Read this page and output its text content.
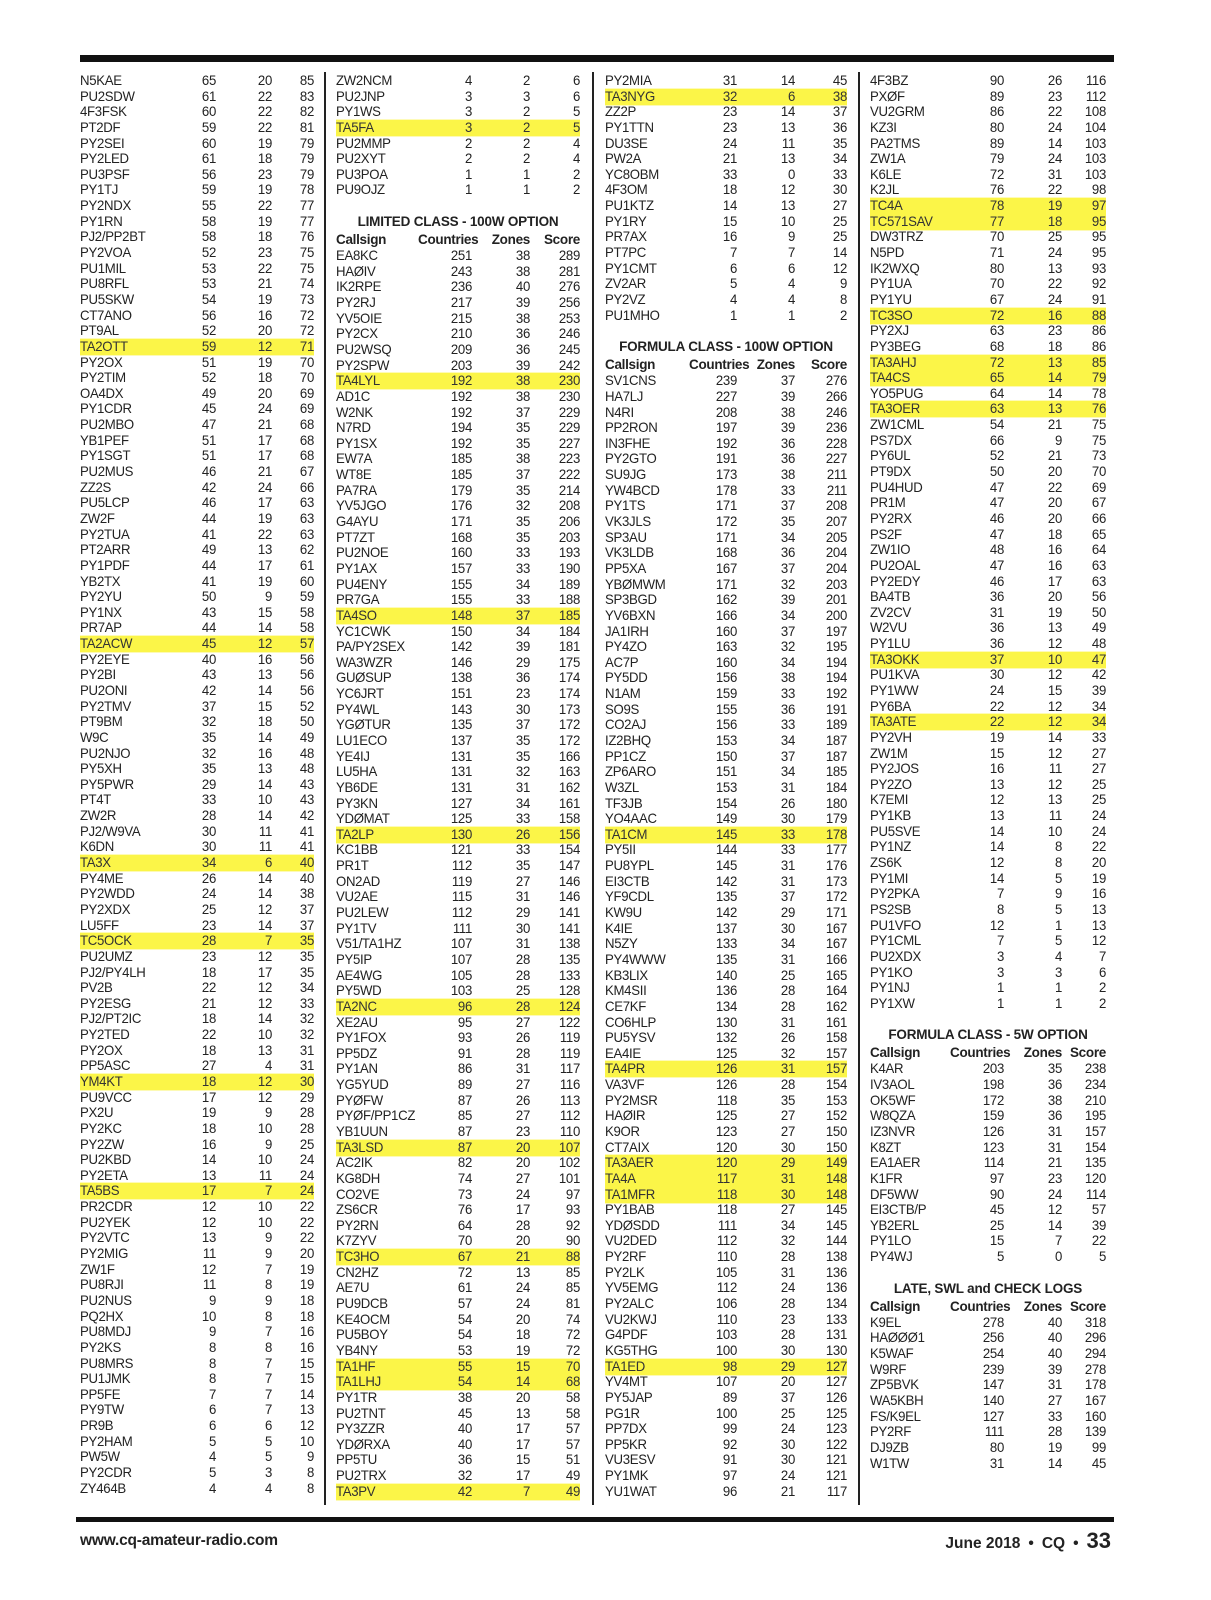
N5KAE	65	20	85
PU2SDW	61	22	83
4F3FSK	60	22	82
PT2DF	59	22	81
PY2SEI	60	19	79
PY2LED	61	18	79
PU3PSF	56	23	79
PY1TJ	59	19	78
PY2NDX	55	22	77
PY1RN	58	19	77
PJ2/PP2BT	58	18	76
PY2VOA	52	23	75
PU1MIL	53	22	75
PU8RFL	53	21	74
PU5SKW	54	19	73
CT7ANO	56	16	72
PT9AL	52	20	72
TA2OTT	59	12	71
PY2OX	51	19	70
PY2TIM	52	18	70
OA4DX	49	20	69
PY1CDR	45	24	69
PU2MBO	47	21	68
YB1PEF	51	17	68
PY1SGT	51	17	68
PU2MUS	46	21	67
ZZ2S	42	24	66
PU5LCP	46	17	63
ZW2F	44	19	63
PY2TUA	41	22	63
PT2ARR	49	13	62
PY1PDF	44	17	61
YB2TX	41	19	60
PY2YU	50	9	59
PY1NX	43	15	58
PR7AP	44	14	58
TA2ACW	45	12	57
PY2EYE	40	16	56
PY2BI	43	13	56
PU2ONI	42	14	56
PY2TMV	37	15	52
PT9BM	32	18	50
W9C	35	14	49
PU2NJO	32	16	48
PY5XH	35	13	48
PY5PWR	29	14	43
PT4T	33	10	43
ZW2R	28	14	42
PJ2/W9VA	30	11	41
K6DN	30	11	41
TA3X	34	6	40
PY4ME	26	14	40
PY2WDD	24	14	38
PY2XDX	25	12	37
LU5FF	23	14	37
TC5OCK	28	7	35
PU2UMZ	23	12	35
PJ2/PY4LH	18	17	35
PV2B	22	12	34
PY2ESG	21	12	33
PJ2/PT2IC	18	14	32
PY2TED	22	10	32
PY2OX	18	13	31
PP5ASC	27	4	31
YM4KT	18	12	30
PU9VCC	17	12	29
PX2U	19	9	28
PY2KC	18	10	28
PY2ZW	16	9	25
PU2KBD	14	10	24
PY2ETA	13	11	24
TA5BS	17	7	24
PR2CDR	12	10	22
PU2YEK	12	10	22
PY2VTC	13	9	22
PY2MIG	11	9	20
ZW1F	12	7	19
PU8RJI	11	8	19
PU2NUS	9	9	18
PQ2HX	10	8	18
PU8MDJ	9	7	16
PY2KS	8	8	16
PU8MRS	8	7	15
PU1JMK	8	7	15
PP5FE	7	7	14
PY9TW	6	7	13
PR9B	6	6	12
PY2HAM	5	5	10
PW5W	4	5	9
PY2CDR	5	3	8
ZY464B	4	4	8
ZW2NCM	4	2	6
PU2JNP	3	3	6
PY1WS	3	2	5
TA5FA	3	2	5
PU2MMP	2	2	4
PU2XYT	2	2	4
PU3POA	1	1	2
PU9OJZ	1	1	2
LIMITED CLASS - 100W OPTION
Callsign	Countries Zones	Score
EA8KC	251	38	289
HAØIV	243	38	281
IK2RPE	236	40	276
PY2RJ	217	39	256
YV5OIE	215	38	253
PY2CX	210	36	246
PU2WSQ	209	36	245
PY2SPW	203	39	242
TA4LYL	192	38	230
AD1C	192	38	230
W2NK	192	37	229
N7RD	194	35	229
PY1SX	192	35	227
EW7A	185	38	223
WT8E	185	37	222
PA7RA	179	35	214
YV5JGO	176	32	208
G4AYU	171	35	206
PT7ZT	168	35	203
PU2NOE	160	33	193
PY1AX	157	33	190
PU4ENY	155	34	189
PR7GA	155	33	188
TA4SO	148	37	185
YC1CWK	150	34	184
PA/PY2SEX	142	39	181
WA3WZR	146	29	175
GUØSUP	138	36	174
YC6JRT	151	23	174
PY4WL	143	30	173
YGØTUR	135	37	172
LU1ECO	137	35	172
YE4IJ	131	35	166
LU5HA	131	32	163
YB6DE	131	31	162
PY3KN	127	34	161
YDØMAT	125	33	158
TA2LP	130	26	156
KC1BB	121	33	154
PR1T	112	35	147
ON2AD	119	27	146
VU2AE	115	31	146
PU2LEW	112	29	141
PY1TV	111	30	141
V51/TA1HZ	107	31	138
PY5IP	107	28	135
AE4WG	105	28	133
PY5WD	103	25	128
TA2NC	96	28	124
XE2AU	95	27	122
PY1FOX	93	26	119
PP5DZ	91	28	119
PY1AN	86	31	117
YG5YUD	89	27	116
PYØFW	87	26	113
PYØF/PP1CZ	85	27	112
YB1UUN	87	23	110
TA3LSD	87	20	107
AC2IK	82	20	102
KG8DH	74	27	101
CO2VE	73	24	97
ZS6CR	76	17	93
PY2RN	64	28	92
K7ZYV	70	20	90
TC3HO	67	21	88
CN2HZ	72	13	85
AE7U	61	24	85
PU9DCB	57	24	81
KE4OCM	54	20	74
PU5BOY	54	18	72
YB4NY	53	19	72
TA1HF	55	15	70
TA1LHJ	54	14	68
PY1TR	38	20	58
PU2TNT	45	13	58
PY3ZZR	40	17	57
YDØRXA	40	17	57
PP5TU	36	15	51
PU2TRX	32	17	49
TA3PV	42	7	49
PY2MIA	31	14	45
TA3NYG	32	6	38
ZZ2P	23	14	37
PY1TTN	23	13	36
DU3SE	24	11	35
PW2A	21	13	34
YC8OBM	33	0	33
4F3OM	18	12	30
PU1KTZ	14	13	27
PY1RY	15	10	25
PR7AX	16	9	25
PT7PC	7	7	14
PY1CMT	6	6	12
ZV2AR	5	4	9
PY2VZ	4	4	8
PU1MHO	1	1	2
FORMULA CLASS - 100W OPTION
Callsign	Countries Zones	Score
SV1CNS	239	37	276
HA7LJ	227	39	266
N4RI	208	38	246
PP2RON	197	39	236
IN3FHE	192	36	228
PY2GTO	191	36	227
SU9JG	173	38	211
YW4BCD	178	33	211
PY1TS	171	37	208
VK3JLS	172	35	207
SP3AU	171	34	205
VK3LDB	168	36	204
PP5XA	167	37	204
YBØMWM	171	32	203
SP3BGD	162	39	201
YV6BXN	166	34	200
JA1IRH	160	37	197
PY4ZO	163	32	195
AC7P	160	34	194
PY5DD	156	38	194
N1AM	159	33	192
SO9S	155	36	191
CO2AJ	156	33	189
IZ2BHQ	153	34	187
PP1CZ	150	37	187
ZP6ARO	151	34	185
W3ZL	153	31	184
TF3JB	154	26	180
YO4AAC	149	30	179
TA1CM	145	33	178
PY5II	144	33	177
PU8YPL	145	31	176
EI3CTB	142	31	173
YF9CDL	135	37	172
KW9U	142	29	171
K4IE	137	30	167
N5ZY	133	34	167
PY4WWW	135	31	166
KB3LIX	140	25	165
KM4SII	136	28	164
CE7KF	134	28	162
CO6HLP	130	31	161
PU5YSV	132	26	158
EA4IE	125	32	157
TA4PR	126	31	157
VA3VF	126	28	154
PY2MSR	118	35	153
HAØIR	125	27	152
K9OR	123	27	150
CT7AIX	120	30	150
TA3AER	120	29	149
TA4A	117	31	148
TA1MFR	118	30	148
PY1BAB	118	27	145
YDØSDD	111	34	145
VU2DED	112	32	144
PY2RF	110	28	138
PY2LK	105	31	136
YV5EMG	112	24	136
PY2ALC	106	28	134
VU2KWJ	110	23	133
G4PDF	103	28	131
KG5THG	100	30	130
TA1ED	98	29	127
YV4MT	107	20	127
PY5JAP	89	37	126
PG1R	100	25	125
PP7DX	99	24	123
PP5KR	92	30	122
VU3ESV	91	30	121
PY1MK	97	24	121
YU1WAT	96	21	117
4F3BZ	90	26	116
PXØF	89	23	112
VU2GRM	86	22	108
KZ3I	80	24	104
PA2TMS	89	14	103
ZW1A	79	24	103
K6LE	72	31	103
K2JL	76	22	98
TC4A	78	19	97
TC571SAV	77	18	95
DW3TRZ	70	25	95
N5PD	71	24	95
IK2WXQ	80	13	93
PY1UA	70	22	92
PY1YU	67	24	91
TC3SO	72	16	88
PY2XJ	63	23	86
PY3BEG	68	18	86
TA3AHJ	72	13	85
TA4CS	65	14	79
YO5PUG	64	14	78
TA3OER	63	13	76
ZW1CML	54	21	75
PS7DX	66	9	75
PY6UL	52	21	73
PT9DX	50	20	70
PU4HUD	47	22	69
PR1M	47	20	67
PY2RX	46	20	66
PS2F	47	18	65
ZW1IO	48	16	64
PU2OAL	47	16	63
PY2EDY	46	17	63
BA4TB	36	20	56
ZV2CV	31	19	50
W2VU	36	13	49
PY1LU	36	12	48
TA3OKK	37	10	47
PU1KVA	30	12	42
PY1WW	24	15	39
PY6BA	22	12	34
TA3ATE	22	12	34
PY2VH	19	14	33
ZW1M	15	12	27
PY2JOS	16	11	27
PY2ZO	13	12	25
K7EMI	12	13	25
PY1KB	13	11	24
PU5SVE	14	10	24
PY1NZ	14	8	22
ZS6K	12	8	20
PY1MI	14	5	19
PY2PKA	7	9	16
PS2SB	8	5	13
PU1VFO	12	1	13
PY1CML	7	5	12
PU2XDX	3	4	7
PY1KO	3	3	6
PY1NJ	1	1	2
PY1XW	1	1	2
FORMULA CLASS - 5W OPTION
Callsign	Countries Zones Score
K4AR	203	35	238
IV3AOL	198	36	234
OK5WF	172	38	210
W8QZA	159	36	195
IZ3NVR	126	31	157
K8ZT	123	31	154
EA1AER	114	21	135
K1FR	97	23	120
DF5WW	90	24	114
EI3CTB/P	45	12	57
YB2ERL	25	14	39
PY1LO	15	7	22
PY4WJ	5	0	5
LATE, SWL and CHECK LOGS
Callsign	Countries Zones Score
K9EL	278	40	318
HAØØØ1	256	40	296
K5WAF	254	40	294
W9RF	239	39	278
ZP5BVK	147	31	178
WA5KBH	140	27	167
FS/K9EL	127	33	160
PY2RF	111	28	139
DJ9ZB	80	19	99
W1TW	31	14	45
www.cq-amateur-radio.com	June 2018 • CQ • 33
